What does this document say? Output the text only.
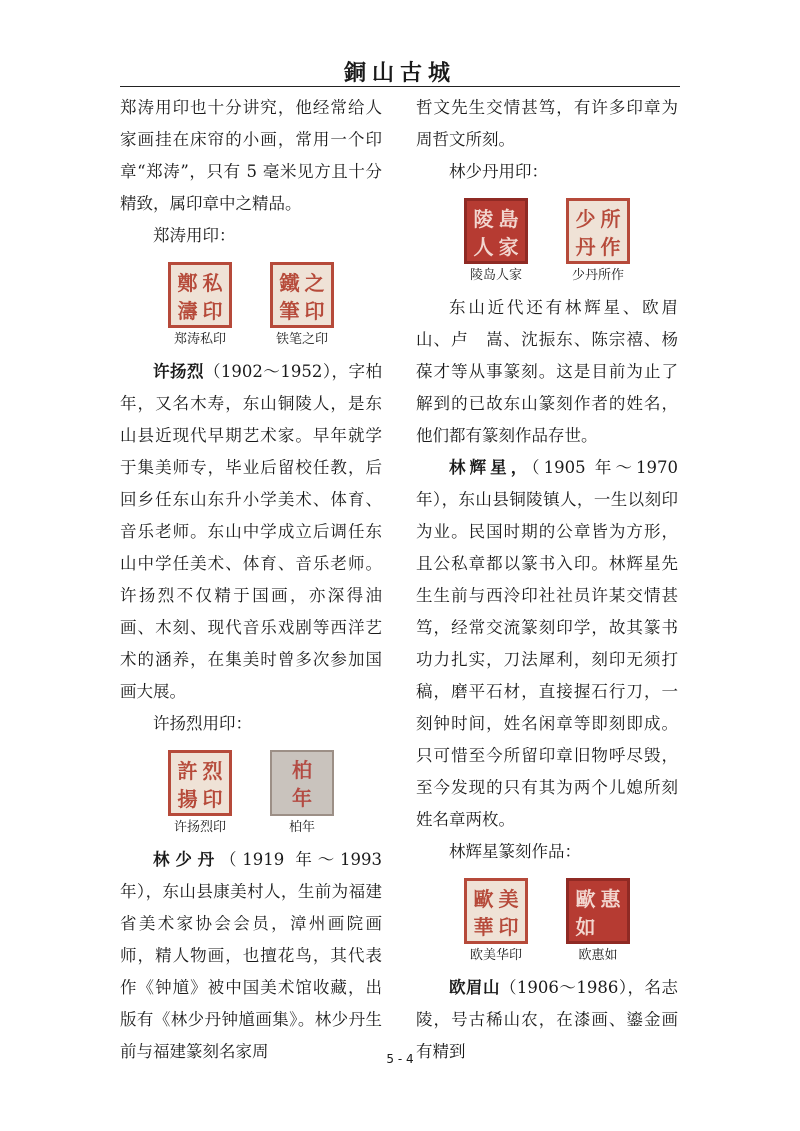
銅山古城

郑涛用印也十分讲究，他经常给人家画挂在床帘的小画，常用一个印章“郑涛”，只有 5 毫米见方且十分精致，属印章中之精品。

郑涛用印：

鄭 私
濤 印
郑涛私印
鐵 之
筆 印
铁笔之印

许扬烈（1902～1952），字柏年，又名木寿，东山铜陵人，是东山县近现代早期艺术家。早年就学于集美师专，毕业后留校任教，后回乡任东山东升小学美术、体育、音乐老师。东山中学成立后调任东山中学任美术、体育、音乐老师。许扬烈不仅精于国画，亦深得油画、木刻、现代音乐戏剧等西洋艺术的涵养，在集美时曾多次参加国画大展。

许扬烈用印：

許 烈
揚 印
许扬烈印
柏
年
柏年

林少丹（1919 年～1993 年），东山县康美村人，生前为福建省美术家协会会员，漳州画院画师，精人物画，也擅花鸟，其代表作《钟馗》被中国美术馆收藏，出版有《林少丹钟馗画集》。林少丹生前与福建篆刻名家周

哲文先生交情甚笃，有许多印章为周哲文所刻。

林少丹用印：

陵 島
人 家
陵岛人家
少 所
丹 作
少丹所作

东山近代还有林辉星、欧眉山、卢　嵩、沈振东、陈宗禧、杨葆才等从事篆刻。这是目前为止了解到的已故东山篆刻作者的姓名，他们都有篆刻作品存世。

林辉星，（1905 年～1970 年），东山县铜陵镇人，一生以刻印为业。民国时期的公章皆为方形，且公私章都以篆书入印。林辉星先生生前与西泠印社社员许某交情甚笃，经常交流篆刻印学，故其篆书功力扎实，刀法犀利，刻印无须打稿，磨平石材，直接握石行刀，一刻钟时间，姓名闲章等即刻即成。只可惜至今所留印章旧物呼尽毁，至今发现的只有其为两个儿媳所刻姓名章两枚。

林辉星篆刻作品：

歐 美
華 印
欧美华印
歐 惠
如
欧惠如

欧眉山（1906～1986），名志陵，号古稀山农，在漆画、鎏金画有精到

5 - 4
